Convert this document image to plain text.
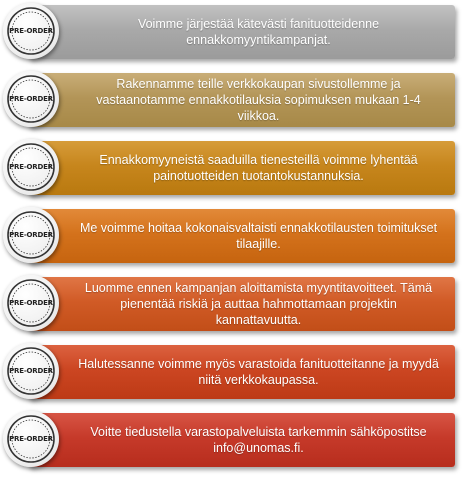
Voimme järjestää kätevästi fanituotteidenne ennakkomyyntikampanjat.
PRE-ORDER
Rakennamme teille verkkokaupan sivustollemme ja vastaanotamme ennakkotilauksia sopimuksen mukaan 1-4 viikkoa.
PRE-ORDER
Ennakkomyyneistä saaduilla tienesteillä voimme lyhentää painotuotteiden tuotantokustannuksia.
PRE-ORDER
Me voimme hoitaa kokonaisvaltaisti ennakkotilausten toimitukset tilaajille.
PRE-ORDER
Luomme ennen kampanjan aloittamista myyntitavoitteet. Tämä pienentää riskiä ja auttaa hahmottamaan projektin kannattavuutta.
PRE-ORDER
Halutessanne voimme myös varastoida fanituotteitanne ja myydä niitä verkkokaupassa.
PRE-ORDER
Voitte tiedustella varastopalveluista tarkemmin sähköpostitse info@unomas.fi.
PRE-ORDER
